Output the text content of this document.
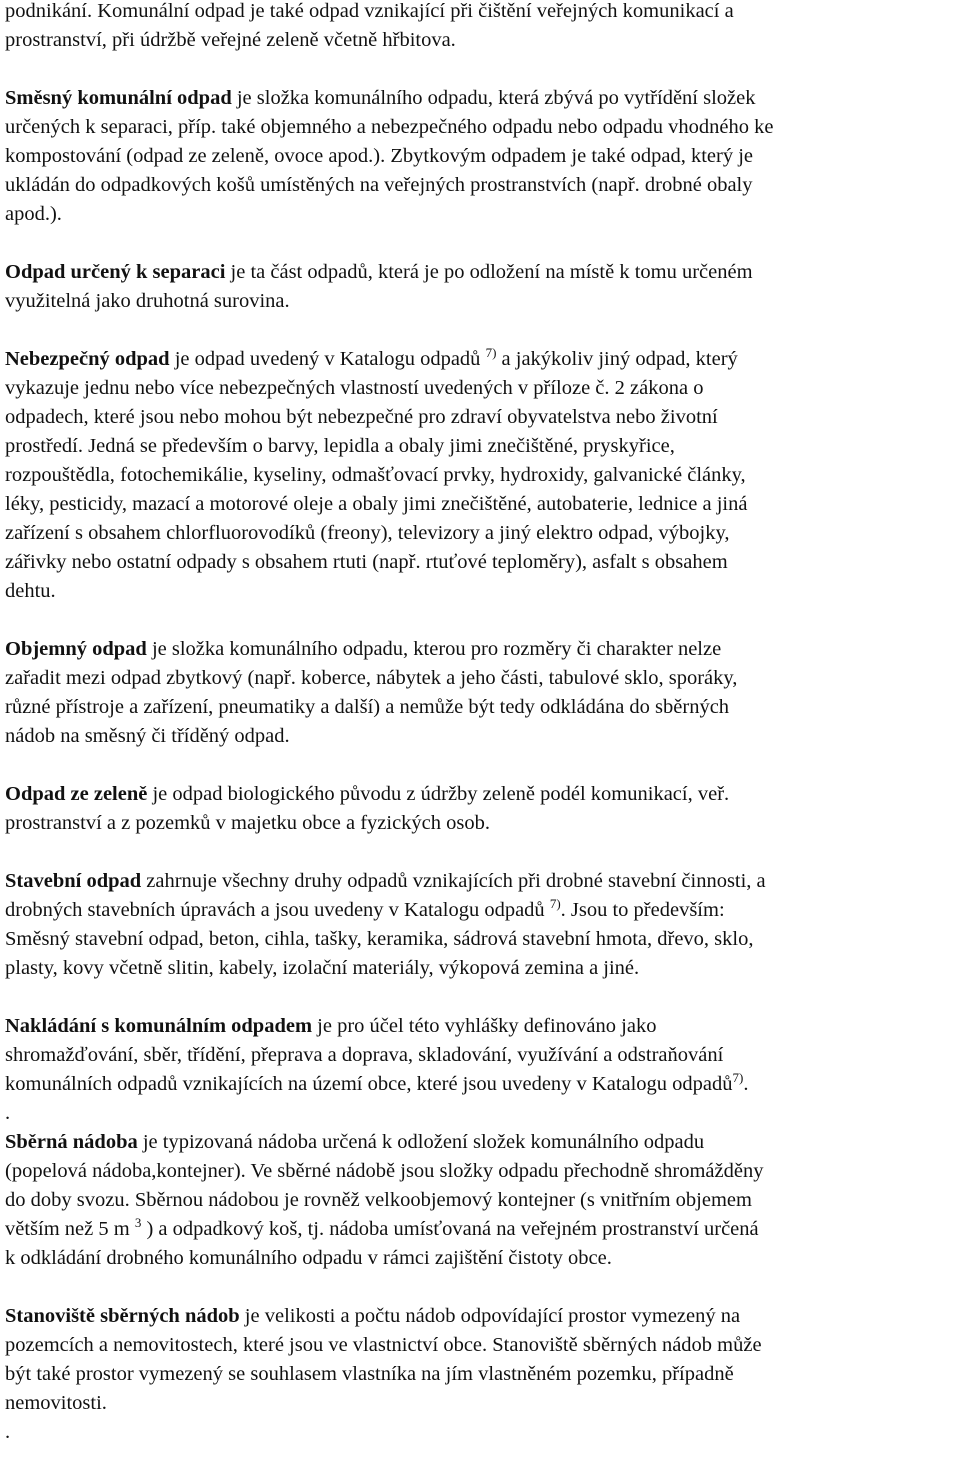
podnikání. Komunální odpad je také odpad vznikající při čištění veřejných komunikací a
prostranství, při údržbě veřejné zeleně včetně hřbitova.

Směsný komunální odpad je složka komunálního odpadu, která zbývá po vytřídění složek
určených k separaci, příp. také objemného a nebezpečného odpadu nebo odpadu vhodného ke
kompostování (odpad ze zeleně, ovoce apod.). Zbytkovým odpadem je také odpad, který je
ukládán do odpadkových košů umístěných na veřejných prostranstvích (např. drobné obaly
apod.).

Odpad určený k separaci je ta část odpadů, která je po odložení na místě k tomu určeném
využitelná jako druhotná surovina.

Nebezpečný odpad je odpad uvedený v Katalogu odpadů $^{7)}$ a jakýkoliv jiný odpad, který
vykazuje jednu nebo více nebezpečných vlastností uvedených v příloze č. 2 zákona o
odpadech, které jsou nebo mohou být nebezpečné pro zdraví obyvatelstva nebo životní
prostředí. Jedná se především o barvy, lepidla a obaly jimi znečištěné, pryskyřice,
rozpouštědla, fotochemikálie, kyseliny, odmašťovací prvky, hydroxidy, galvanické články,
léky, pesticidy, mazací a motorové oleje a obaly jimi znečištěné, autobaterie, lednice a jiná
zařízení s obsahem chlorfluorovodíků (freony), televizory a jiný elektro odpad, výbojky,
zářivky nebo ostatní odpady s obsahem rtuti (např. rtuťové teploměry), asfalt s obsahem
dehtu.

Objemný odpad je složka komunálního odpadu, kterou pro rozměry či charakter nelze
zařadit mezi odpad zbytkový (např. koberce, nábytek a jeho části, tabulové sklo, sporáky,
různé přístroje a zařízení, pneumatiky a další) a nemůže být tedy odkládána do sběrných
nádob na směsný či tříděný odpad.

Odpad ze zeleně je odpad biologického původu z údržby zeleně podél komunikací, veř.
prostranství a z pozemků v majetku obce a fyzických osob.

Stavební odpad zahrnuje všechny druhy odpadů vznikajících při drobné stavební činnosti, a
drobných stavebních úpravách a jsou uvedeny v Katalogu odpadů $^{7)}$. Jsou to především:
Směsný stavební odpad, beton, cihla, tašky, keramika, sádrová stavební hmota, dřevo, sklo,
plasty, kovy včetně slitin, kabely, izolační materiály, výkopová zemina a jiné.

Nakládání s komunálním odpadem je pro účel této vyhlášky definováno jako
shromažďování, sběr, třídění, přeprava a doprava, skladování, využívání a odstraňování
komunálních odpadů vznikajících na území obce, které jsou uvedeny v Katalogu odpadů$^{7)}$.
.

Sběrná nádoba je typizovaná nádoba určená k odložení složek komunálního odpadu
(popelová nádoba,kontejner). Ve sběrné nádobě jsou složky odpadu přechodně shromážděny
do doby svozu. Sběrnou nádobou je rovněž velkoobjemový kontejner (s vnitřním objemem
větším než 5 m $^3$ ) a odpadkový koš, tj. nádoba umísťovaná na veřejném prostranství určená
k odkládání drobného komunálního odpadu v rámci zajištění čistoty obce.

Stanoviště sběrných nádob je velikosti a počtu nádob odpovídající prostor vymezený na
pozemcích a nemovitostech, které jsou ve vlastnictví obce. Stanoviště sběrných nádob může
být také prostor vymezený se souhlasem vlastníka na jím vlastněném pozemku, případně
nemovitosti.
.
